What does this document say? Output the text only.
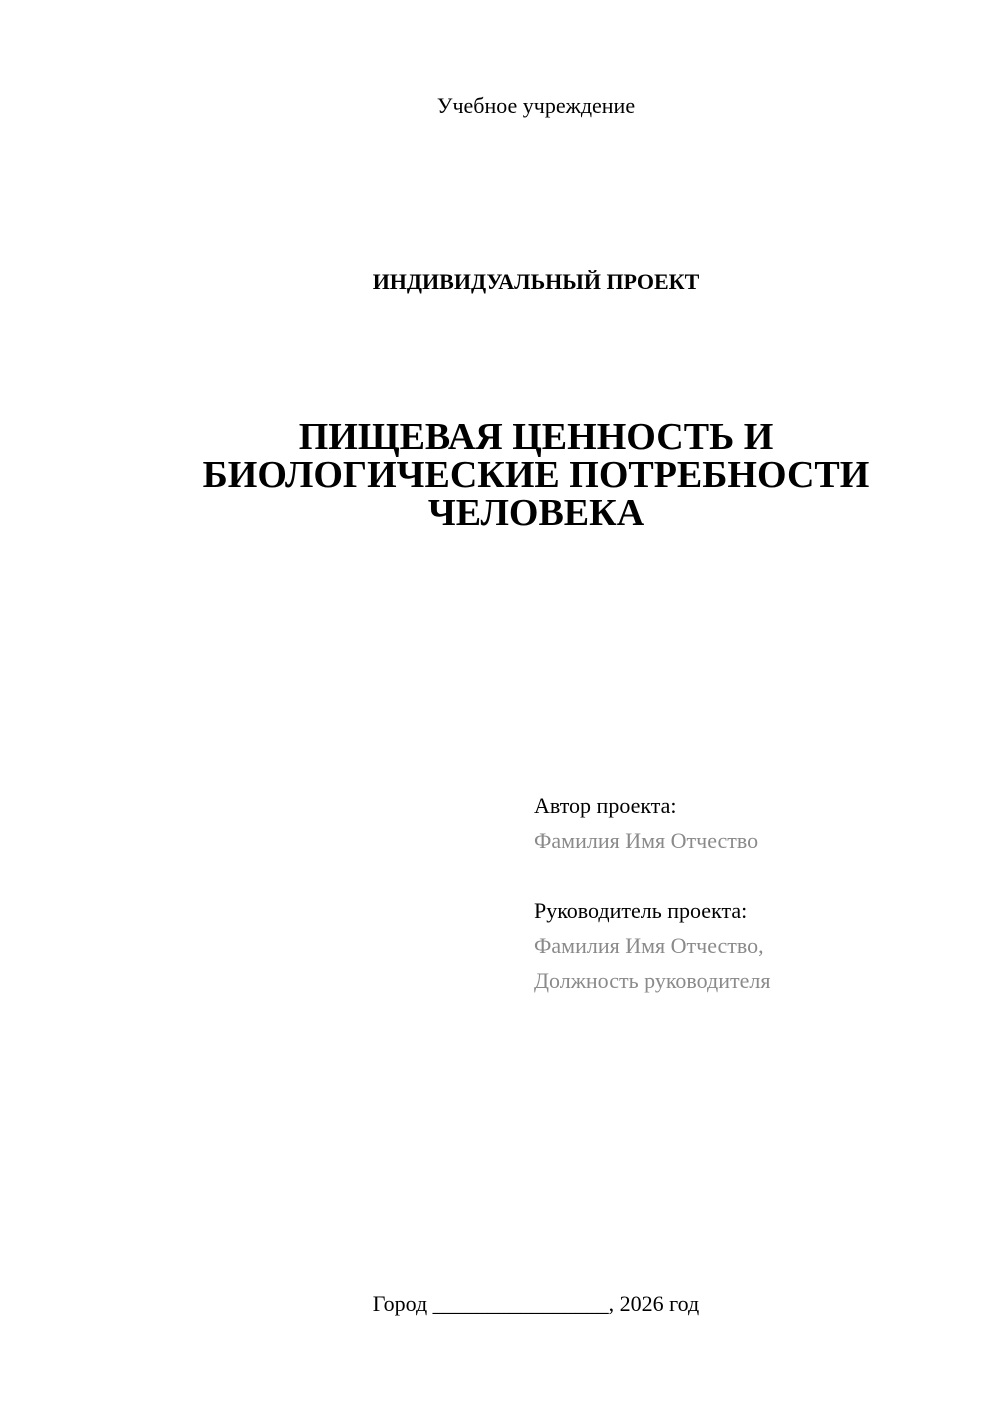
Учебное учреждение
ИНДИВИДУАЛЬНЫЙ ПРОЕКТ
ПИЩЕВАЯ ЦЕННОСТЬ И
БИОЛОГИЧЕСКИЕ ПОТРЕБНОСТИ
ЧЕЛОВЕКА
Автор проекта:
Фамилия Имя Отчество
Руководитель проекта:
Фамилия Имя Отчество,
Должность руководителя
Город ________________, 2026 год
